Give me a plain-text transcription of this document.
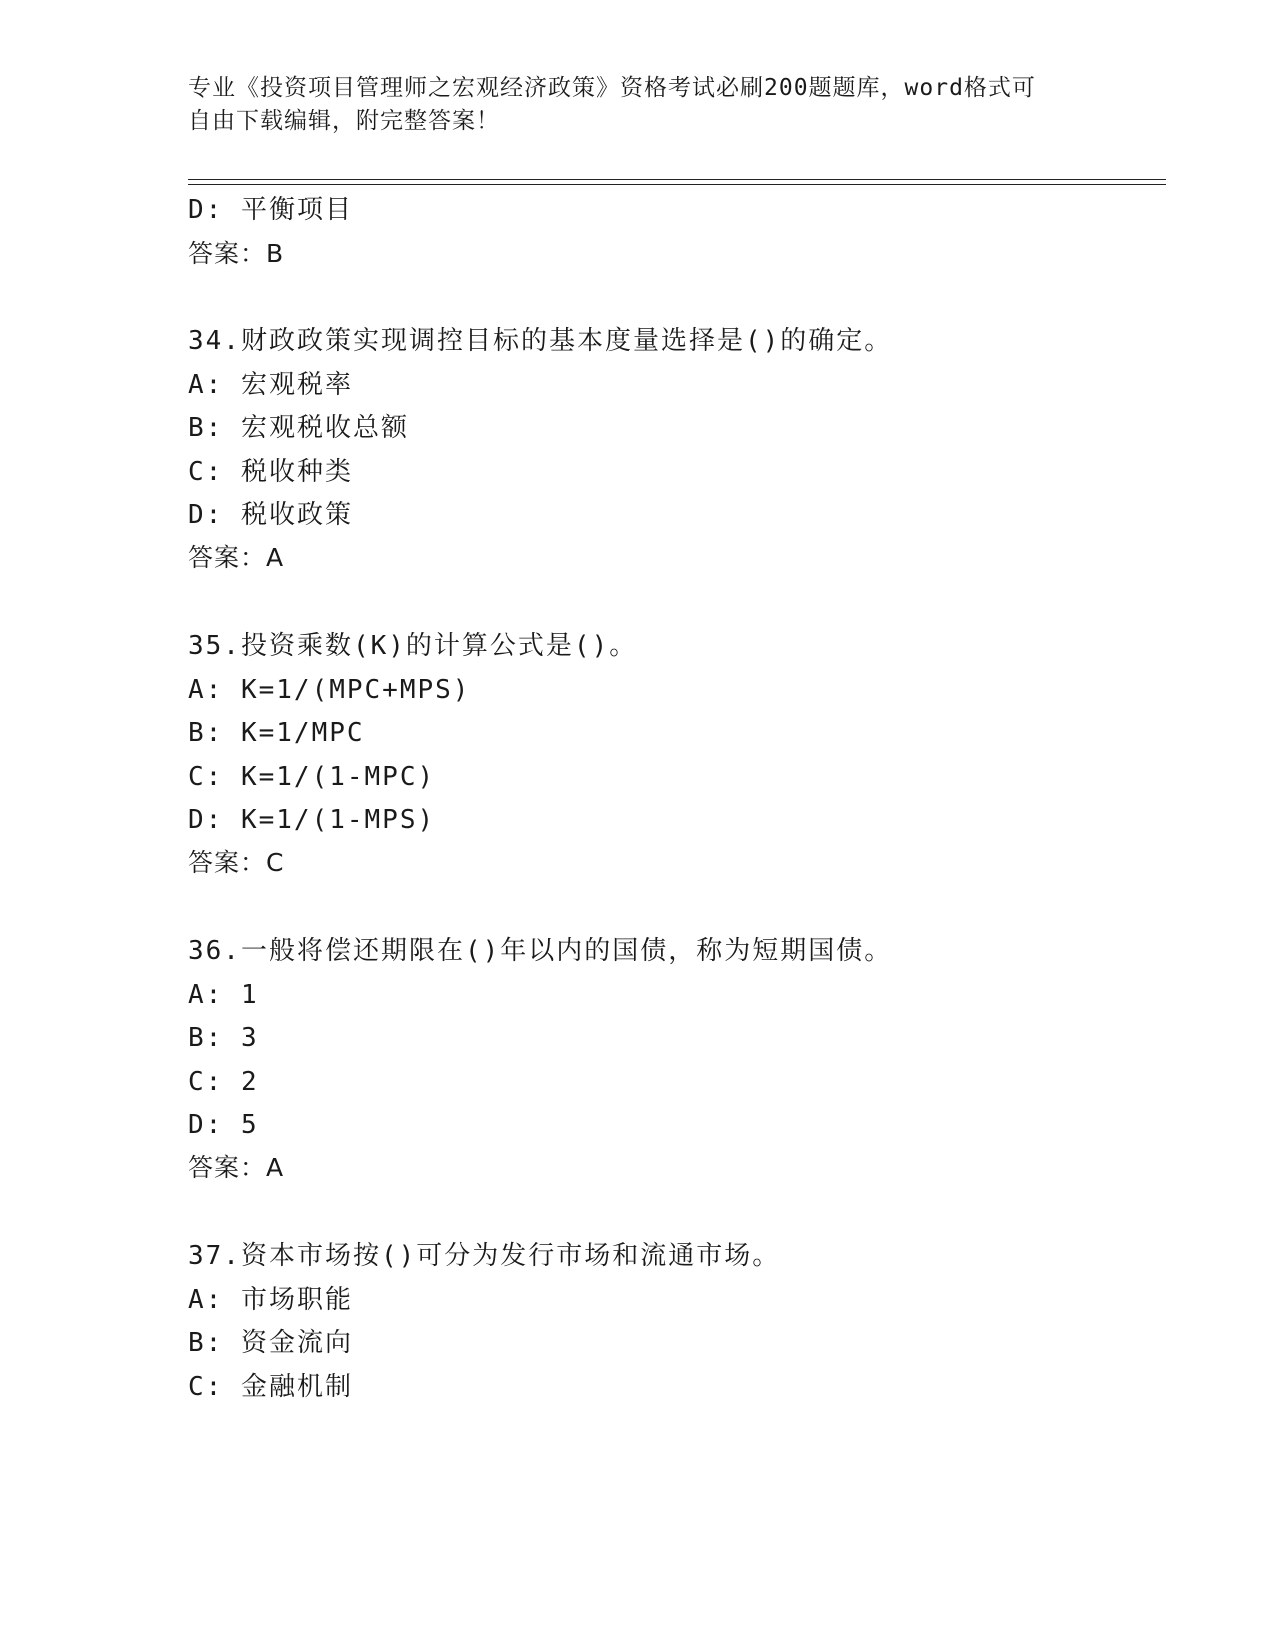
专业《投资项目管理师之宏观经济政策》资格考试必刷200题题库，word格式可
自由下载编辑，附完整答案！
D: 平衡项目
答案：B
34.财政政策实现调控目标的基本度量选择是()的确定。
A: 宏观税率
B: 宏观税收总额
C: 税收种类
D: 税收政策
答案：A
35.投资乘数(K)的计算公式是()。
A: K=1/(MPC+MPS)
B: K=1/MPC
C: K=1/(1-MPC)
D: K=1/(1-MPS)
答案：C
36.一般将偿还期限在()年以内的国债，称为短期国债。
A: 1
B: 3
C: 2
D: 5
答案：A
37.资本市场按()可分为发行市场和流通市场。
A: 市场职能
B: 资金流向
C: 金融机制
